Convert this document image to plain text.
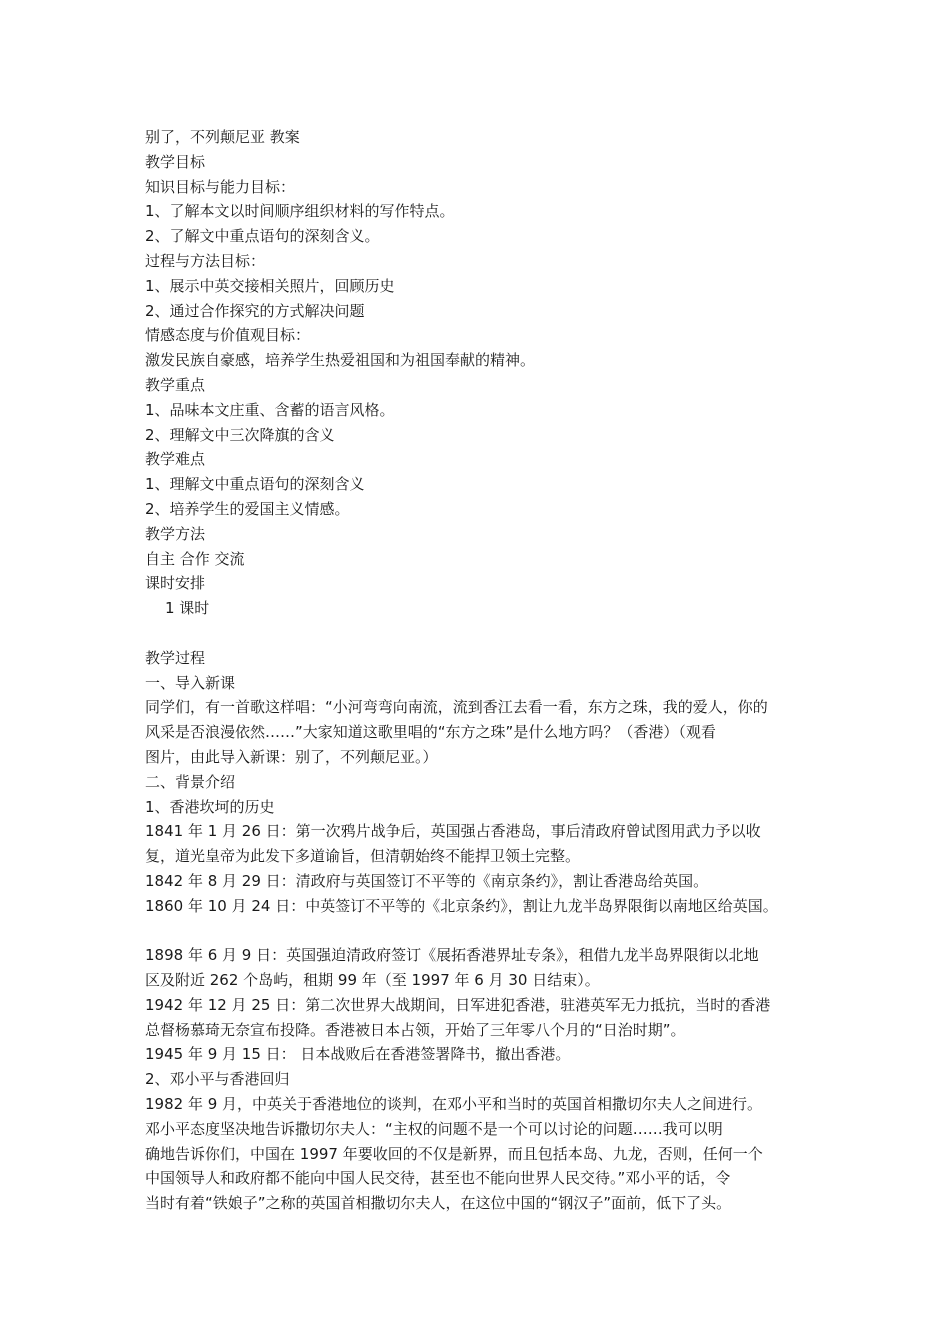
别了，不列颠尼亚 教案

教学目标

知识目标与能力目标：

1、了解本文以时间顺序组织材料的写作特点。

2、了解文中重点语句的深刻含义。

过程与方法目标：

1、展示中英交接相关照片，回顾历史

2、通过合作探究的方式解决问题

情感态度与价值观目标：

激发民族自豪感，培养学生热爱祖国和为祖国奉献的精神。

教学重点

1、品味本文庄重、含蓄的语言风格。

2、理解文中三次降旗的含义

教学难点

1、理解文中重点语句的深刻含义

2、培养学生的爱国主义情感。

教学方法

自主 合作 交流

课时安排

1 课时

教学过程

一、导入新课

同学们，有一首歌这样唱：“小河弯弯向南流，流到香江去看一看，东方之珠，我的爱人，你的

风采是否浪漫依然……”大家知道这歌里唱的“东方之珠”是什么地方吗？（香港）（观看

图片，由此导入新课：别了，不列颠尼亚。）

二、背景介绍

1、香港坎坷的历史

1841 年 1 月 26 日：第一次鸦片战争后，英国强占香港岛，事后清政府曾试图用武力予以收

复，道光皇帝为此发下多道谕旨，但清朝始终不能捍卫领土完整。

1842 年 8 月 29 日：清政府与英国签订不平等的《南京条约》，割让香港岛给英国。

1860 年 10 月 24 日：中英签订不平等的《北京条约》，割让九龙半岛界限街以南地区给英国。

1898 年 6 月 9 日：英国强迫清政府签订《展拓香港界址专条》，租借九龙半岛界限街以北地

区及附近 262 个岛屿，租期 99 年（至 1997 年 6 月 30 日结束）。

1942 年 12 月 25 日：第二次世界大战期间，日军进犯香港，驻港英军无力抵抗，当时的香港

总督杨慕琦无奈宣布投降。香港被日本占领，开始了三年零八个月的“日治时期”。

1945 年 9 月 15 日： 日本战败后在香港签署降书，撤出香港。

2、邓小平与香港回归

1982 年 9 月，中英关于香港地位的谈判，在邓小平和当时的英国首相撒切尔夫人之间进行。

邓小平态度坚决地告诉撒切尔夫人：“主权的问题不是一个可以讨论的问题……我可以明

确地告诉你们，中国在 1997 年要收回的不仅是新界，而且包括本岛、九龙，否则，任何一个

中国领导人和政府都不能向中国人民交待，甚至也不能向世界人民交待。”邓小平的话，令

当时有着“铁娘子”之称的英国首相撒切尔夫人，在这位中国的“钢汉子”面前，低下了头。
